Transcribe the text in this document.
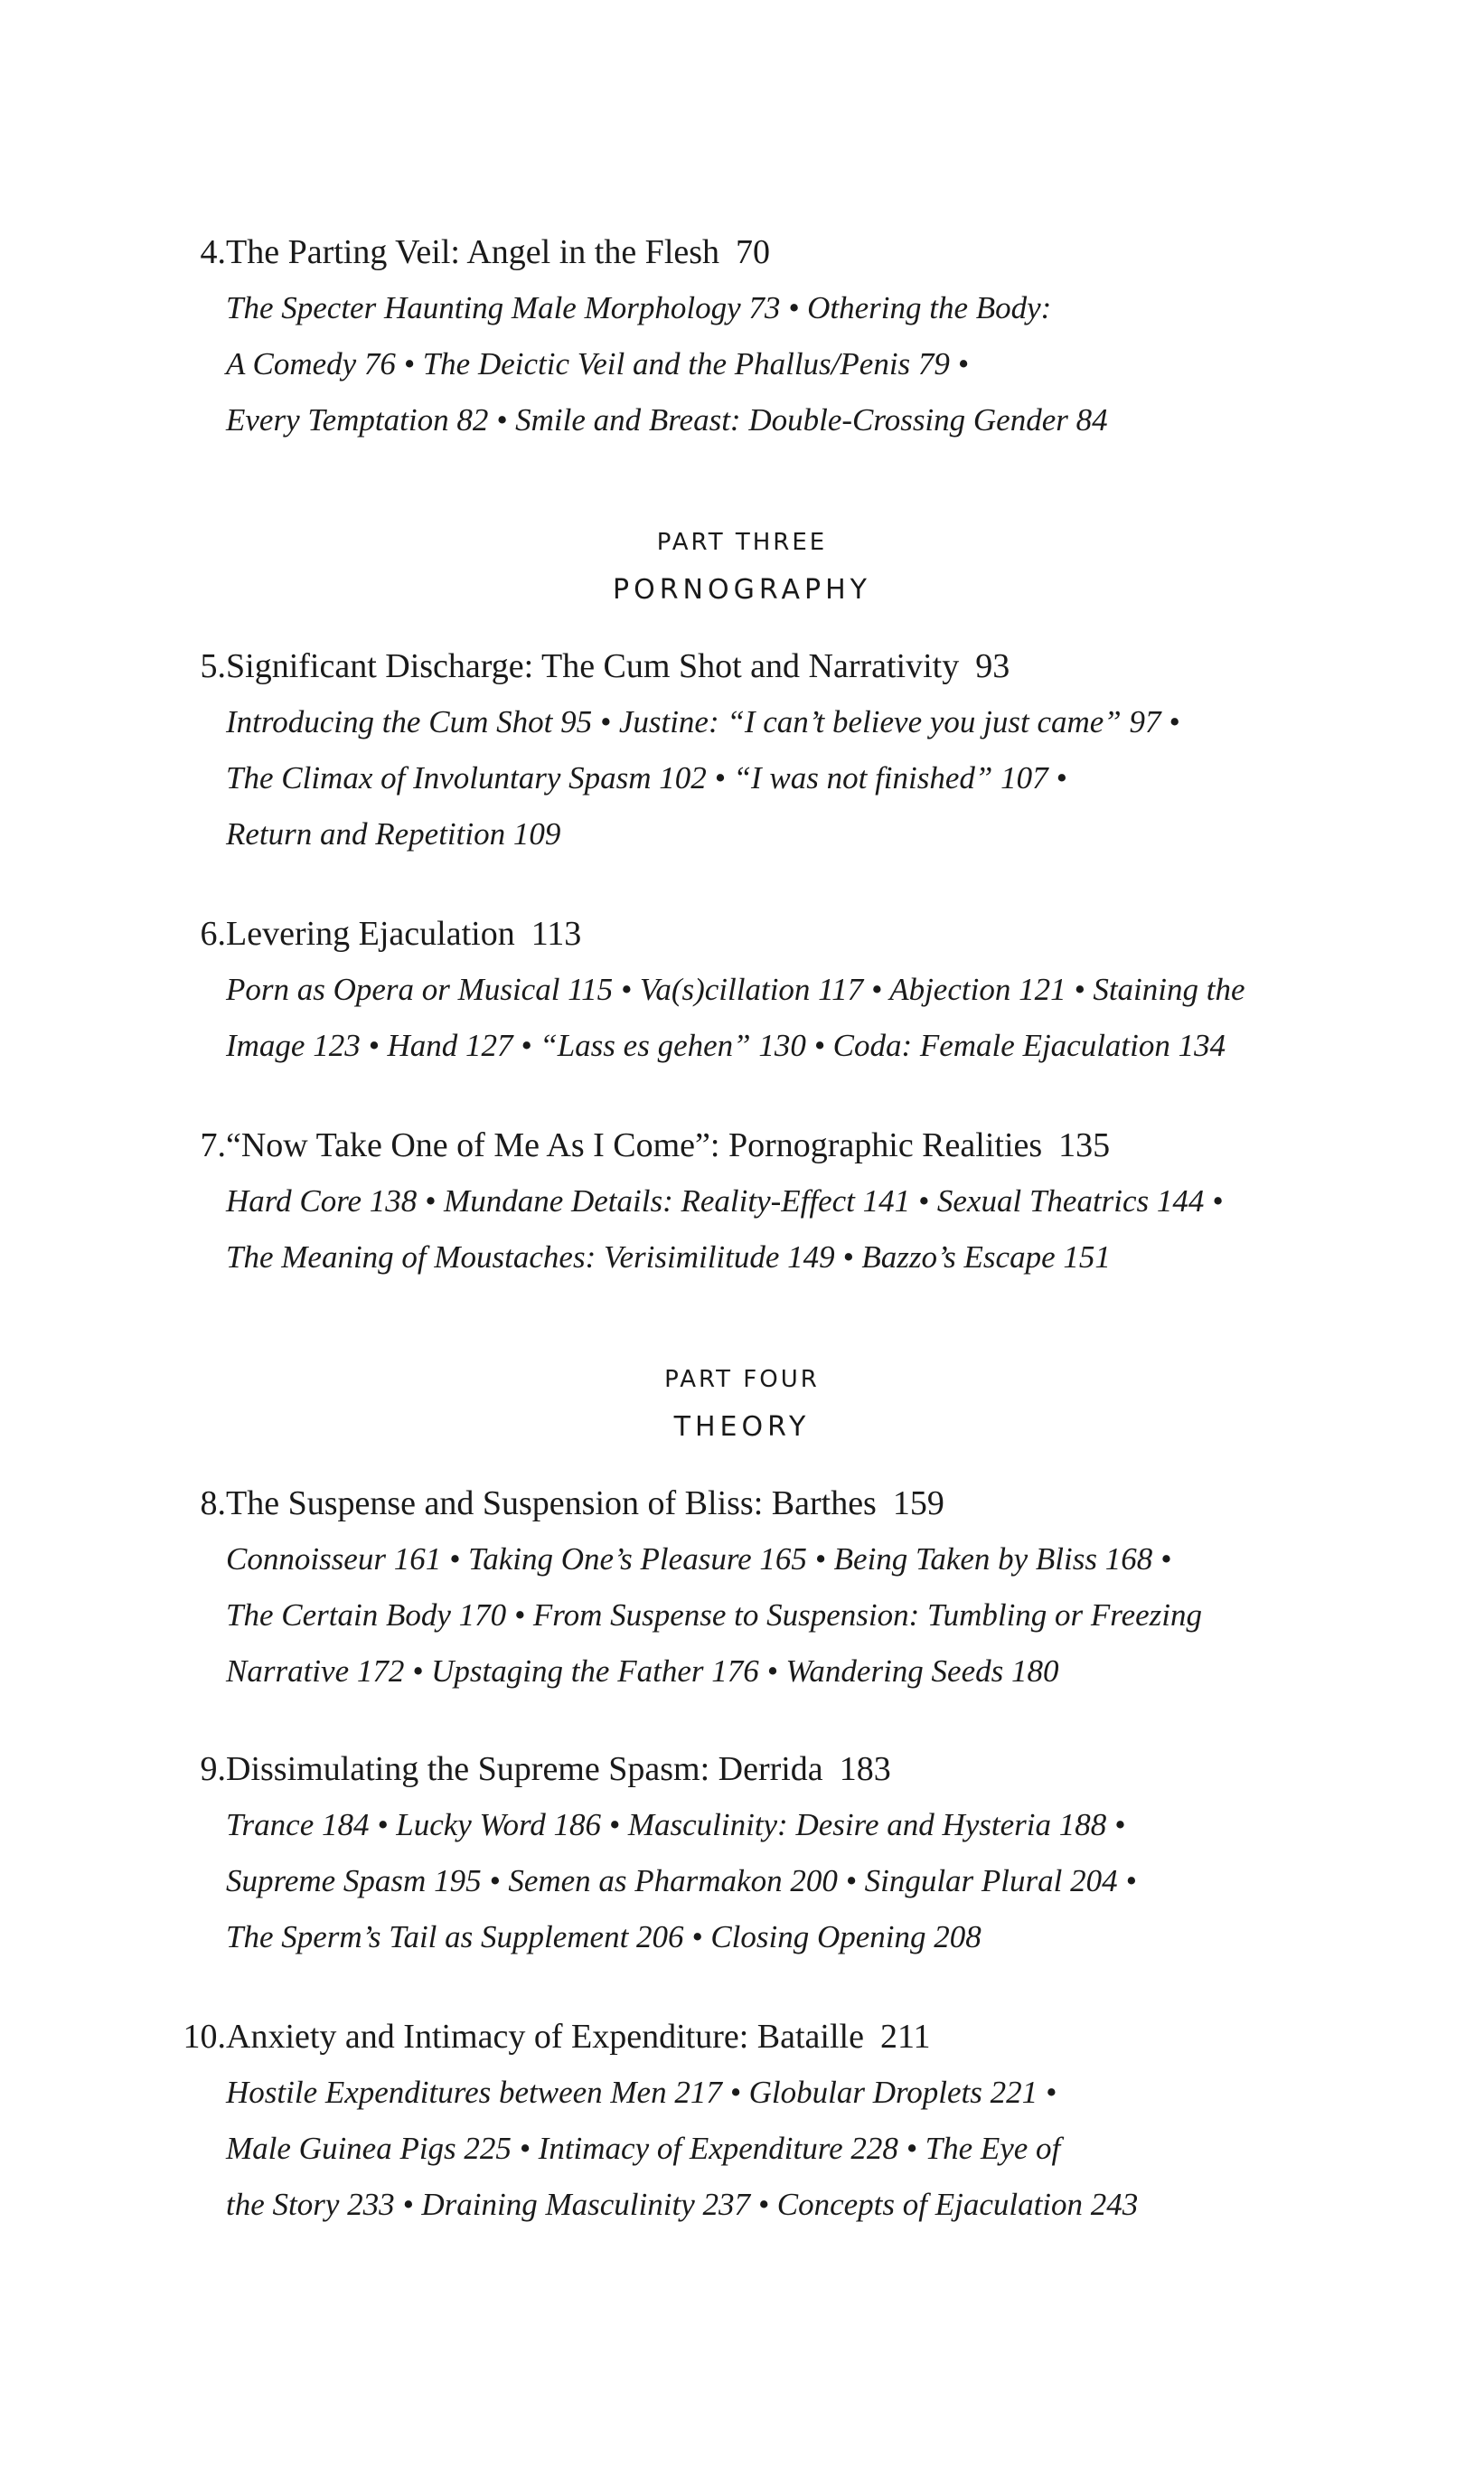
4. The Parting Veil: Angel in the Flesh 70
The Specter Haunting Male Morphology 73 • Othering the Body:
A Comedy 76 • The Deictic Veil and the Phallus/Penis 79 •
Every Temptation 82 • Smile and Breast: Double-Crossing Gender 84
PART THREE
PORNOGRAPHY
5. Significant Discharge: The Cum Shot and Narrativity 93
Introducing the Cum Shot 95 • Justine: “I can’t believe you just came” 97 •
The Climax of Involuntary Spasm 102 • “I was not finished” 107 •
Return and Repetition 109
6. Levering Ejaculation 113
Porn as Opera or Musical 115 • Va(s)cillation 117 • Abjection 121 • Staining the
Image 123 • Hand 127 • “Lass es gehen” 130 • Coda: Female Ejaculation 134
7. “Now Take One of Me As I Come”: Pornographic Realities 135
Hard Core 138 • Mundane Details: Reality-Effect 141 • Sexual Theatrics 144 •
The Meaning of Moustaches: Verisimilitude 149 • Bazzo’s Escape 151
PART FOUR
THEORY
8. The Suspense and Suspension of Bliss: Barthes 159
Connoisseur 161 • Taking One’s Pleasure 165 • Being Taken by Bliss 168 •
The Certain Body 170 • From Suspense to Suspension: Tumbling or Freezing
Narrative 172 • Upstaging the Father 176 • Wandering Seeds 180
9. Dissimulating the Supreme Spasm: Derrida 183
Trance 184 • Lucky Word 186 • Masculinity: Desire and Hysteria 188 •
Supreme Spasm 195 • Semen as Pharmakon 200 • Singular Plural 204 •
The Sperm’s Tail as Supplement 206 • Closing Opening 208
10. Anxiety and Intimacy of Expenditure: Bataille 211
Hostile Expenditures between Men 217 • Globular Droplets 221 •
Male Guinea Pigs 225 • Intimacy of Expenditure 228 • The Eye of
the Story 233 • Draining Masculinity 237 • Concepts of Ejaculation 243
